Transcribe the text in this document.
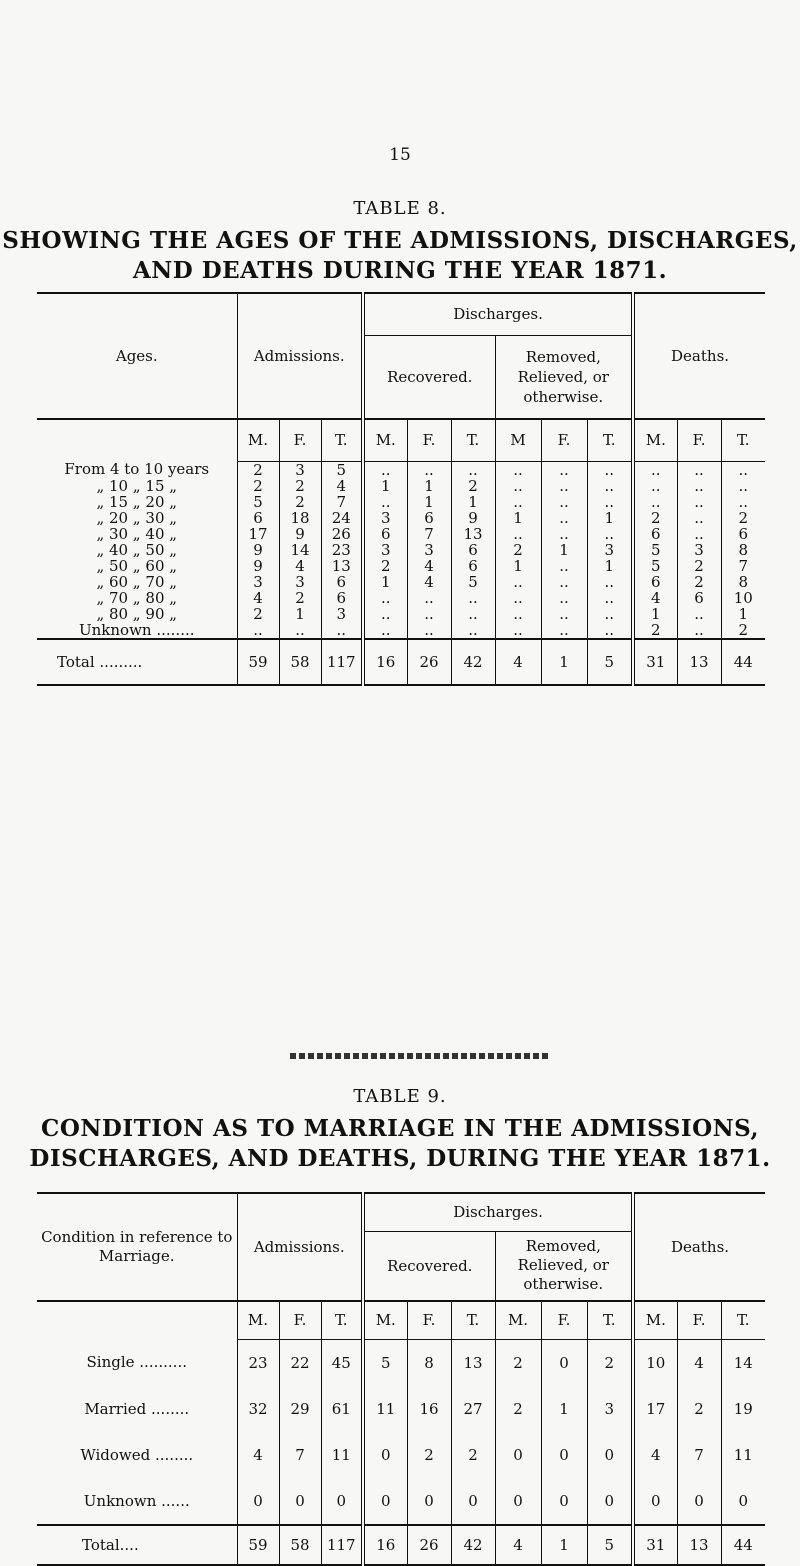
15
TABLE 8.
SHOWING THE AGES OF THE ADMISSIONS, DISCHARGES,
AND DEATHS DURING THE YEAR 1871.
Ages.	Admissions.			Discharges.						Deaths.		
				Recovered.			Removed, Relieved, or otherwise.					
	M.	F.	T.	M.	F.	T.	M	F.	T.	M.	F.	T.
From 4 to 10 years	2	3	5	..	..	..	..	..	..	..	..	..
„ 10 „ 15 „	2	2	4	1	1	2	..	..	..	..	..	..
„ 15 „ 20 „	5	2	7	..	1	1	..	..	..	..	..	..
„ 20 „ 30 „	6	18	24	3	6	9	1	..	1	2	..	2
„ 30 „ 40 „	17	9	26	6	7	13	..	..	..	6	..	6
„ 40 „ 50 „	9	14	23	3	3	6	2	1	3	5	3	8
„ 50 „ 60 „	9	4	13	2	4	6	1	..	1	5	2	7
„ 60 „ 70 „	3	3	6	1	4	5	..	..	..	6	2	8
„ 70 „ 80 „	4	2	6	..	..	..	..	..	..	4	6	10
„ 80 „ 90 „	2	1	3	..	..	..	..	..	..	1	..	1
Unknown ........	..	..	..	..	..	..	..	..	..	2	..	2
Total .........	59	58	117	16	26	42	4	1	5	31	13	44
TABLE 9.
CONDITION AS TO MARRIAGE IN THE ADMISSIONS,
DISCHARGES, AND DEATHS, DURING THE YEAR 1871.
Condition in reference to Marriage.	Admissions.			Discharges.						Deaths.		
				Recovered.			Removed, Relieved, or otherwise.					
	M.	F.	T.	M.	F.	T.	M.	F.	T.	M.	F.	T.
Single ..........	23	22	45	5	8	13	2	0	2	10	4	14
Married ........	32	29	61	11	16	27	2	1	3	17	2	19
Widowed ........	4	7	11	0	2	2	0	0	0	4	7	11
Unknown ......	0	0	0	0	0	0	0	0	0	0	0	0
Total....	59	58	117	16	26	42	4	1	5	31	13	44
